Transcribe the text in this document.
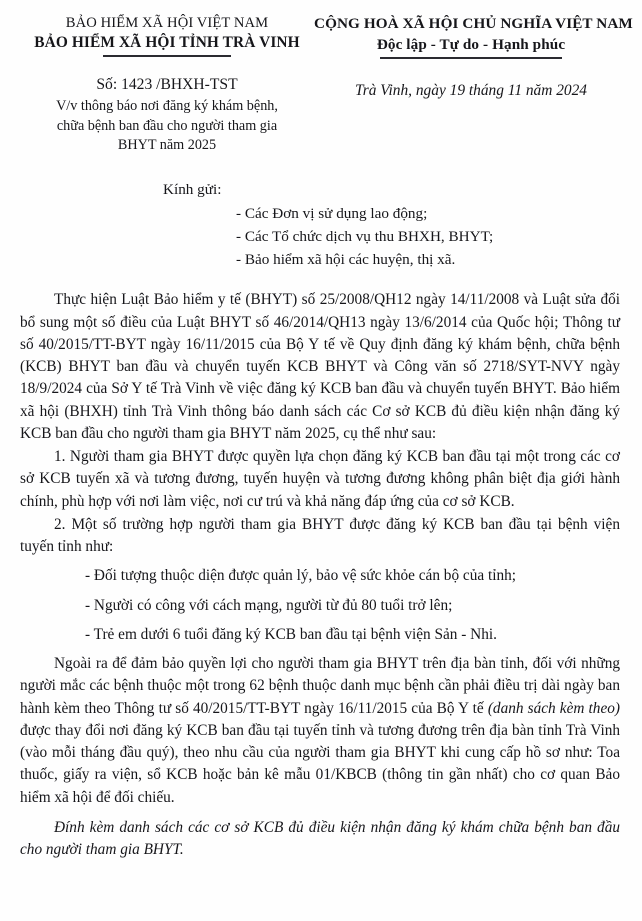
BẢO HIỂM XÃ HỘI VIỆT NAM
BẢO HIỂM XÃ HỘI TỈNH TRÀ VINH
Số: 1423 /BHXH-TST
V/v thông báo nơi đăng ký khám bệnh,
chữa bệnh ban đầu cho người tham gia
BHYT năm 2025
CỘNG HOÀ XÃ HỘI CHỦ NGHĨA VIỆT NAM
Độc lập - Tự do - Hạnh phúc
Trà Vinh, ngày 19 tháng 11 năm 2024
Kính gửi:
- Các Đơn vị sử dụng lao động;
- Các Tổ chức dịch vụ thu BHXH, BHYT;
- Bảo hiểm xã hội các huyện, thị xã.

Thực hiện Luật Bảo hiểm y tế (BHYT) số 25/2008/QH12 ngày 14/11/2008 và Luật sửa đổi bổ sung một số điều của Luật BHYT số 46/2014/QH13 ngày 13/6/2014 của Quốc hội; Thông tư số 40/2015/TT-BYT ngày 16/11/2015 của Bộ Y tế về Quy định đăng ký khám bệnh, chữa bệnh (KCB) BHYT ban đầu và chuyển tuyến KCB BHYT và Công văn số 2718/SYT-NVY ngày 18/9/2024 của Sở Y tế Trà Vinh về việc đăng ký KCB ban đầu và chuyển tuyến BHYT. Bảo hiểm xã hội (BHXH) tỉnh Trà Vinh thông báo danh sách các Cơ sở KCB đủ điều kiện nhận đăng ký KCB ban đầu cho người tham gia BHYT năm 2025, cụ thể như sau:

1. Người tham gia BHYT được quyền lựa chọn đăng ký KCB ban đầu tại một trong các cơ sở KCB tuyến xã và tương đương, tuyến huyện và tương đương không phân biệt địa giới hành chính, phù hợp với nơi làm việc, nơi cư trú và khả năng đáp ứng của cơ sở KCB.

2. Một số trường hợp người tham gia BHYT được đăng ký KCB ban đầu tại bệnh viện tuyến tỉnh như:

- Đối tượng thuộc diện được quản lý, bảo vệ sức khỏe cán bộ của tỉnh;

- Người có công với cách mạng, người từ đủ 80 tuổi trở lên;

- Trẻ em dưới 6 tuổi đăng ký KCB ban đầu tại bệnh viện Sản - Nhi.

Ngoài ra để đảm bảo quyền lợi cho người tham gia BHYT trên địa bàn tỉnh, đối với những người mắc các bệnh thuộc một trong 62 bệnh thuộc danh mục bệnh cần phải điều trị dài ngày ban hành kèm theo Thông tư số 40/2015/TT-BYT ngày 16/11/2015 của Bộ Y tế (danh sách kèm theo) được thay đổi nơi đăng ký KCB ban đầu tại tuyến tỉnh và tương đương trên địa bàn tỉnh Trà Vinh (vào mỗi tháng đầu quý), theo nhu cầu của người tham gia BHYT khi cung cấp hồ sơ như: Toa thuốc, giấy ra viện, sổ KCB hoặc bản kê mẫu 01/KBCB (thông tin gần nhất) cho cơ quan Bảo hiểm xã hội để đối chiếu.

Đính kèm danh sách các cơ sở KCB đủ điều kiện nhận đăng ký khám chữa bệnh ban đầu cho người tham gia BHYT.
